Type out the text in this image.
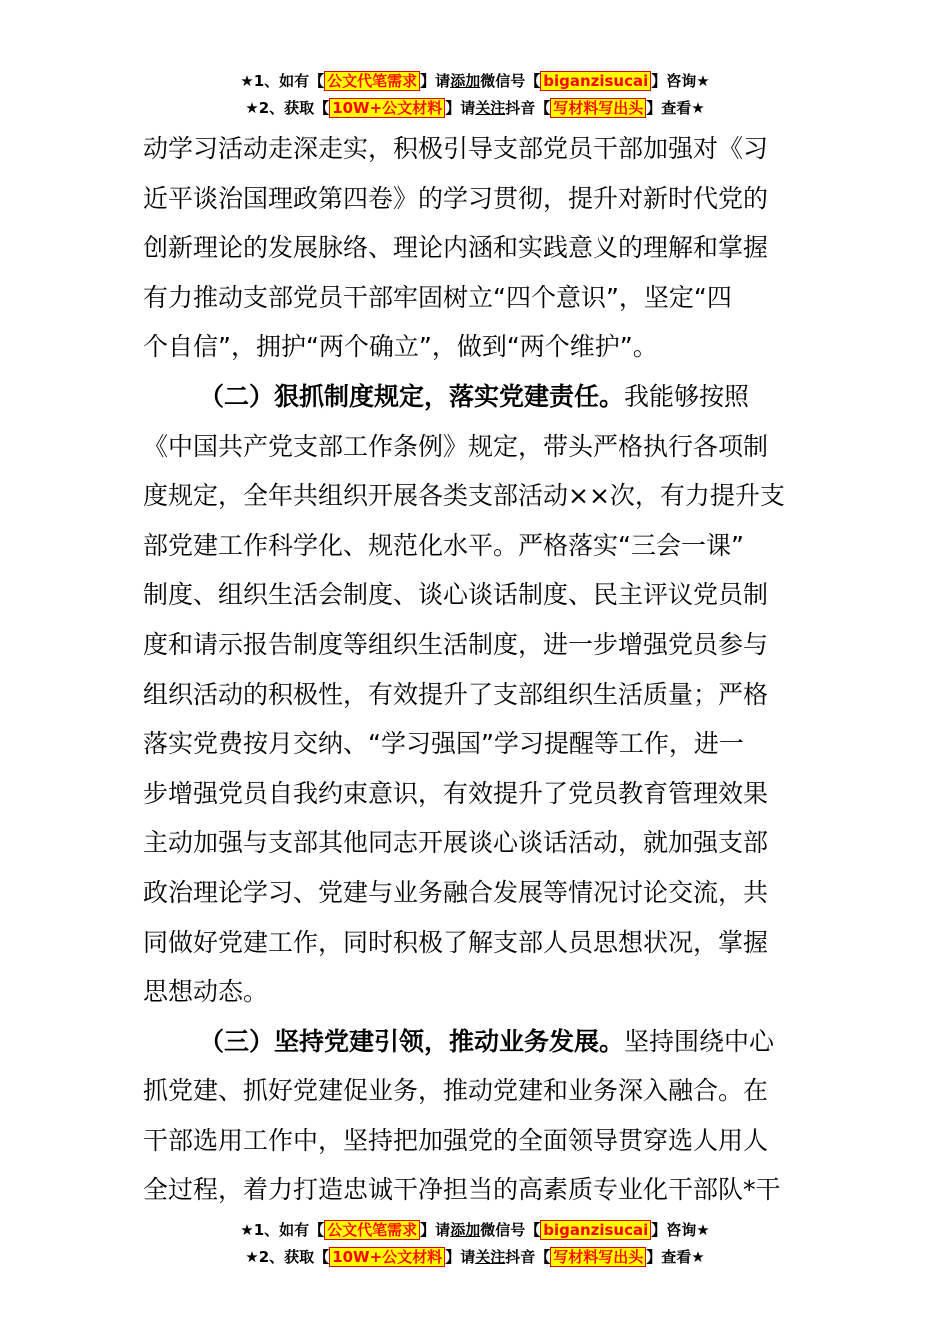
★1、如有【 公文代笔需求 】请添加微信号【 biganzisucai 】咨询★
★2、获取【 10W+公文材料 】请关注抖音【 写材料写出头 】查看★
动学习活动走深走实，积极引导支部党员干部加强对《习
近平谈治国理政第四卷》的学习贯彻，提升对新时代党的
创新理论的发展脉络、理论内涵和实践意义的理解和掌握
有力推动支部党员干部牢固树立“四个意识”，坚定“四
个自信”，拥护“两个确立”，做到“两个维护”。
（二）狠抓制度规定，落实党建责任。我能够按照
《中国共产党支部工作条例》规定，带头严格执行各项制
度规定，全年共组织开展各类支部活动××次，有力提升支
部党建工作科学化、规范化水平。严格落实“三会一课”
制度、组织生活会制度、谈心谈话制度、民主评议党员制
度和请示报告制度等组织生活制度，进一步增强党员参与
组织活动的积极性，有效提升了支部组织生活质量；严格
落实党费按月交纳、“学习强国”学习提醒等工作，进一
步增强党员自我约束意识，有效提升了党员教育管理效果
主动加强与支部其他同志开展谈心谈话活动，就加强支部
政治理论学习、党建与业务融合发展等情况讨论交流，共
同做好党建工作，同时积极了解支部人员思想状况，掌握
思想动态。
（三）坚持党建引领，推动业务发展。坚持围绕中心
抓党建、抓好党建促业务，推动党建和业务深入融合。在
干部选用工作中，坚持把加强党的全面领导贯穿选人用人
全过程，着力打造忠诚干净担当的高素质专业化干部队*干
★1、如有【 公文代笔需求 】请添加微信号【 biganzisucai 】咨询★
★2、获取【 10W+公文材料 】请关注抖音【 写材料写出头 】查看★
